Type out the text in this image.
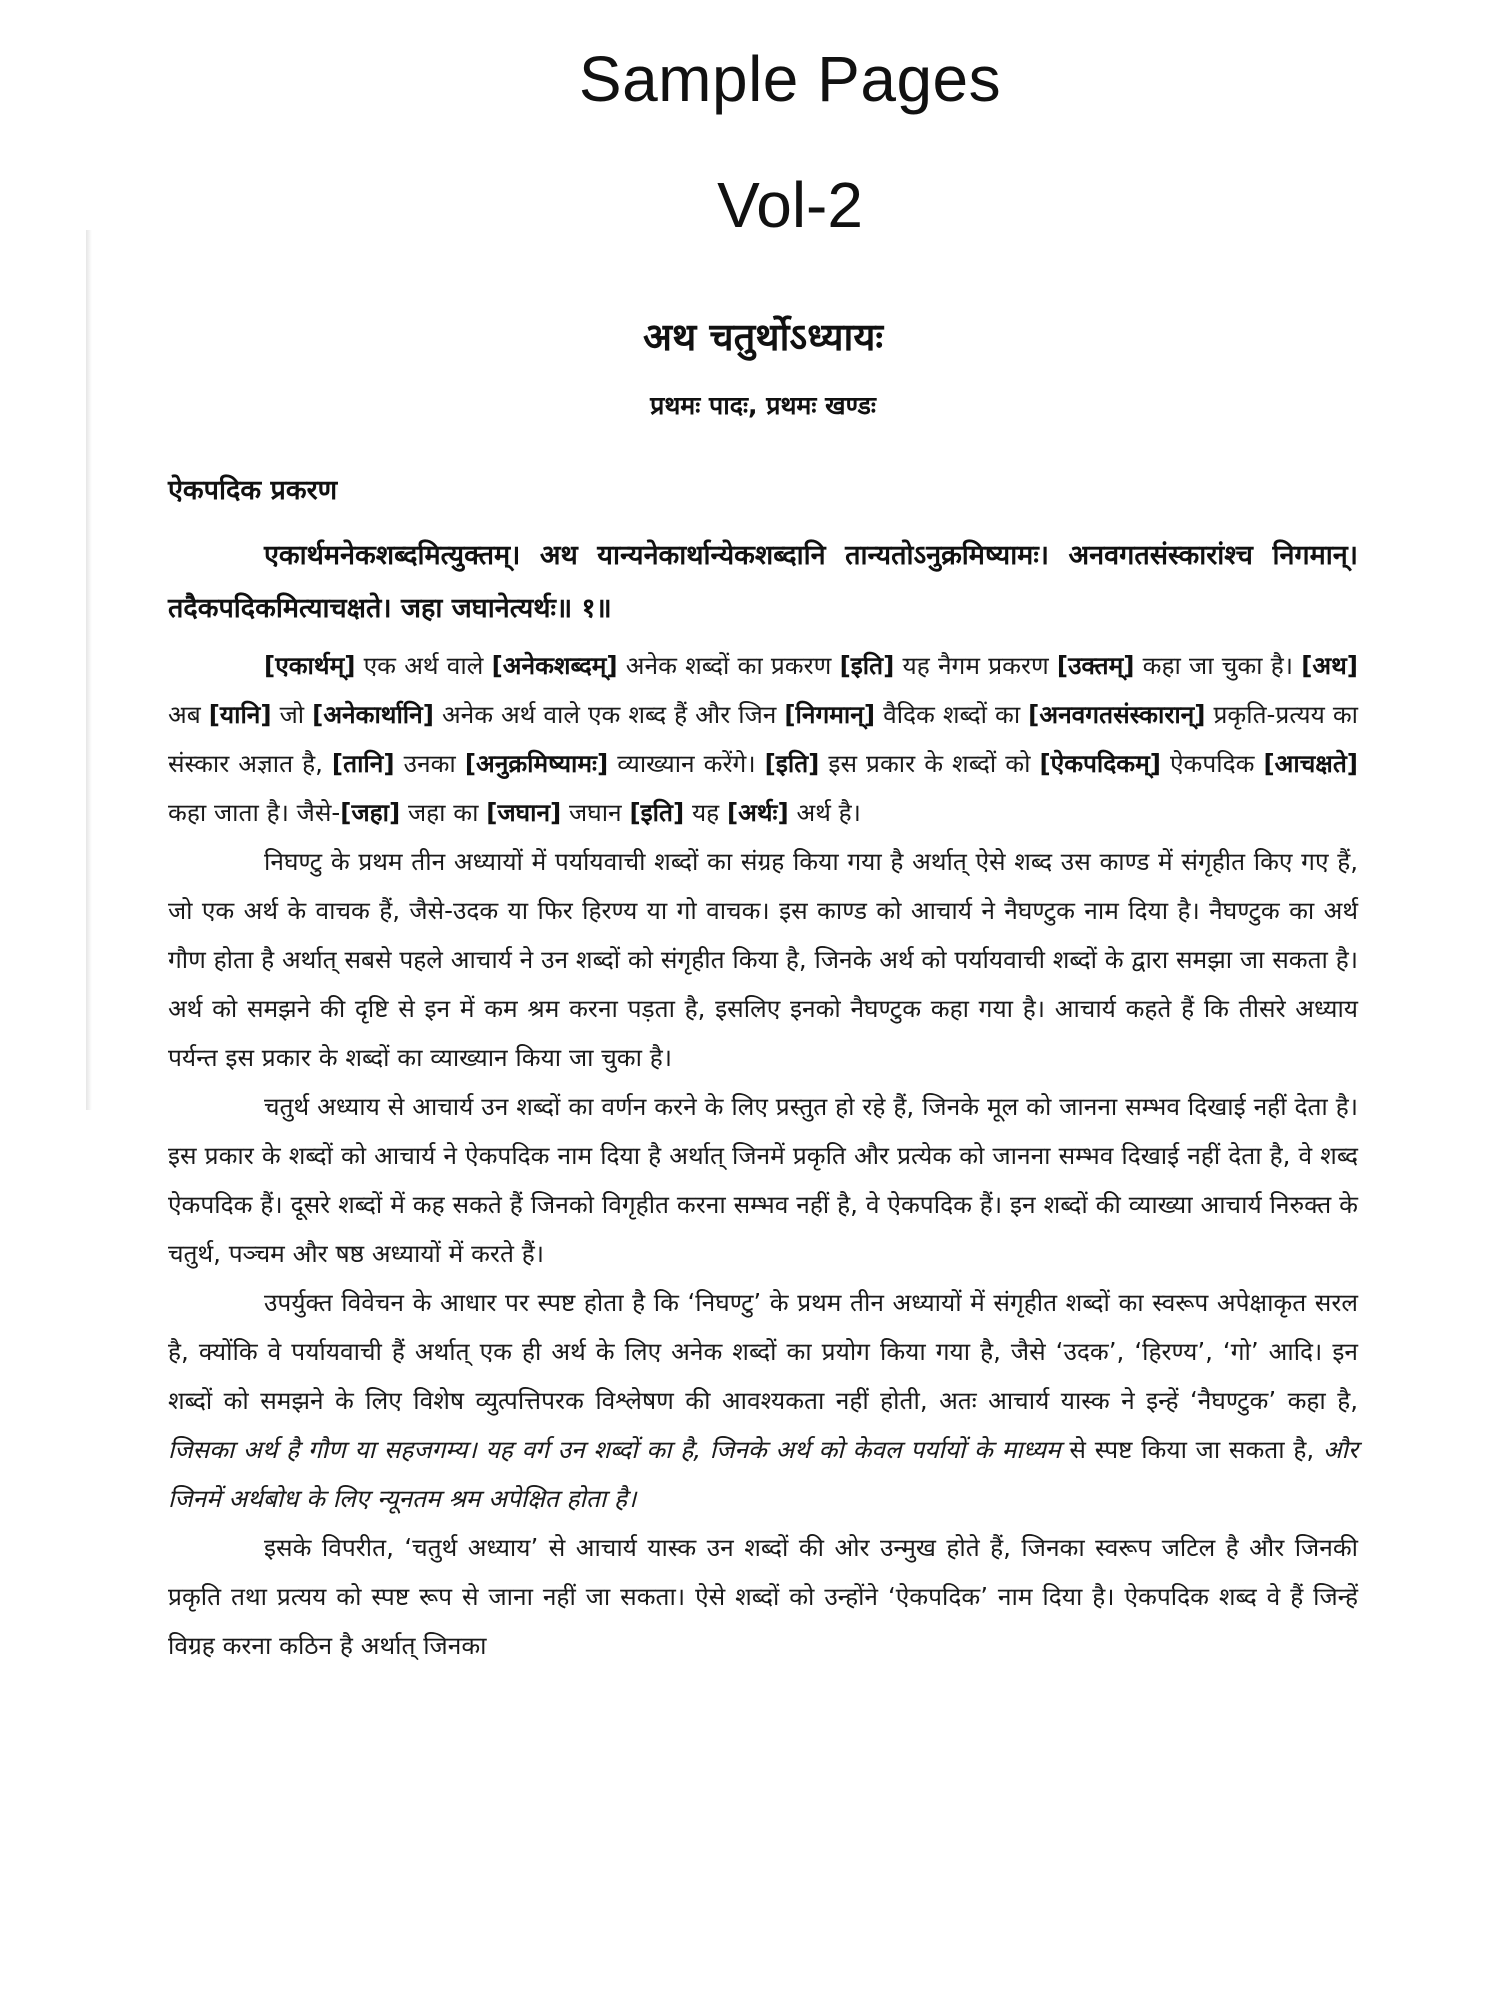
Sample Pages
Vol-2
अथ चतुर्थोऽध्यायः
प्रथमः पादः, प्रथमः खण्डः
ऐकपदिक प्रकरण

एकार्थमनेकशब्दमित्युक्तम्। अथ यान्यनेकार्थान्येकशब्दानि तान्यतोऽनुक्रमिष्यामः। अनवगतसंस्कारांश्च निगमान्। तदैकपदिकमित्याचक्षते। जहा जघानेत्यर्थः॥ १॥

[एकार्थम्] एक अर्थ वाले [अनेकशब्दम्] अनेक शब्दों का प्रकरण [इति] यह नैगम प्रकरण [उक्तम्] कहा जा चुका है। [अथ] अब [यानि] जो [अनेकार्थानि] अनेक अर्थ वाले एक शब्द हैं और जिन [निगमान्] वैदिक शब्दों का [अनवगतसंस्कारान्] प्रकृति-प्रत्यय का संस्कार अज्ञात है, [तानि] उनका [अनुक्रमिष्यामः] व्याख्यान करेंगे। [इति] इस प्रकार के शब्दों को [ऐकपदिकम्] ऐकपदिक [आचक्षते] कहा जाता है। जैसे-[जहा] जहा का [जघान] जघान [इति] यह [अर्थः] अर्थ है।

निघण्टु के प्रथम तीन अध्यायों में पर्यायवाची शब्दों का संग्रह किया गया है अर्थात् ऐसे शब्द उस काण्ड में संगृहीत किए गए हैं, जो एक अर्थ के वाचक हैं, जैसे-उदक या फिर हिरण्य या गो वाचक। इस काण्ड को आचार्य ने नैघण्टुक नाम दिया है। नैघण्टुक का अर्थ गौण होता है अर्थात् सबसे पहले आचार्य ने उन शब्दों को संगृहीत किया है, जिनके अर्थ को पर्यायवाची शब्दों के द्वारा समझा जा सकता है। अर्थ को समझने की दृष्टि से इन में कम श्रम करना पड़ता है, इसलिए इनको नैघण्टुक कहा गया है। आचार्य कहते हैं कि तीसरे अध्याय पर्यन्त इस प्रकार के शब्दों का व्याख्यान किया जा चुका है।

चतुर्थ अध्याय से आचार्य उन शब्दों का वर्णन करने के लिए प्रस्तुत हो रहे हैं, जिनके मूल को जानना सम्भव दिखाई नहीं देता है। इस प्रकार के शब्दों को आचार्य ने ऐकपदिक नाम दिया है अर्थात् जिनमें प्रकृति और प्रत्येक को जानना सम्भव दिखाई नहीं देता है, वे शब्द ऐकपदिक हैं। दूसरे शब्दों में कह सकते हैं जिनको विगृहीत करना सम्भव नहीं है, वे ऐकपदिक हैं। इन शब्दों की व्याख्या आचार्य निरुक्त के चतुर्थ, पञ्चम और षष्ठ अध्यायों में करते हैं।

उपर्युक्त विवेचन के आधार पर स्पष्ट होता है कि ‘निघण्टु’ के प्रथम तीन अध्यायों में संगृहीत शब्दों का स्वरूप अपेक्षाकृत सरल है, क्योंकि वे पर्यायवाची हैं अर्थात् एक ही अर्थ के लिए अनेक शब्दों का प्रयोग किया गया है, जैसे ‘उदक’, ‘हिरण्य’, ‘गो’ आदि। इन शब्दों को समझने के लिए विशेष व्युत्पत्तिपरक विश्लेषण की आवश्यकता नहीं होती, अतः आचार्य यास्क ने इन्हें ‘नैघण्टुक’ कहा है, जिसका अर्थ है गौण या सहजगम्य। यह वर्ग उन शब्दों का है, जिनके अर्थ को केवल पर्यायों के माध्यम से स्पष्ट किया जा सकता है, और जिनमें अर्थबोध के लिए न्यूनतम श्रम अपेक्षित होता है।

इसके विपरीत, ‘चतुर्थ अध्याय’ से आचार्य यास्क उन शब्दों की ओर उन्मुख होते हैं, जिनका स्वरूप जटिल है और जिनकी प्रकृति तथा प्रत्यय को स्पष्ट रूप से जाना नहीं जा सकता। ऐसे शब्दों को उन्होंने ‘ऐकपदिक’ नाम दिया है। ऐकपदिक शब्द वे हैं जिन्हें विग्रह करना कठिन है अर्थात् जिनका
